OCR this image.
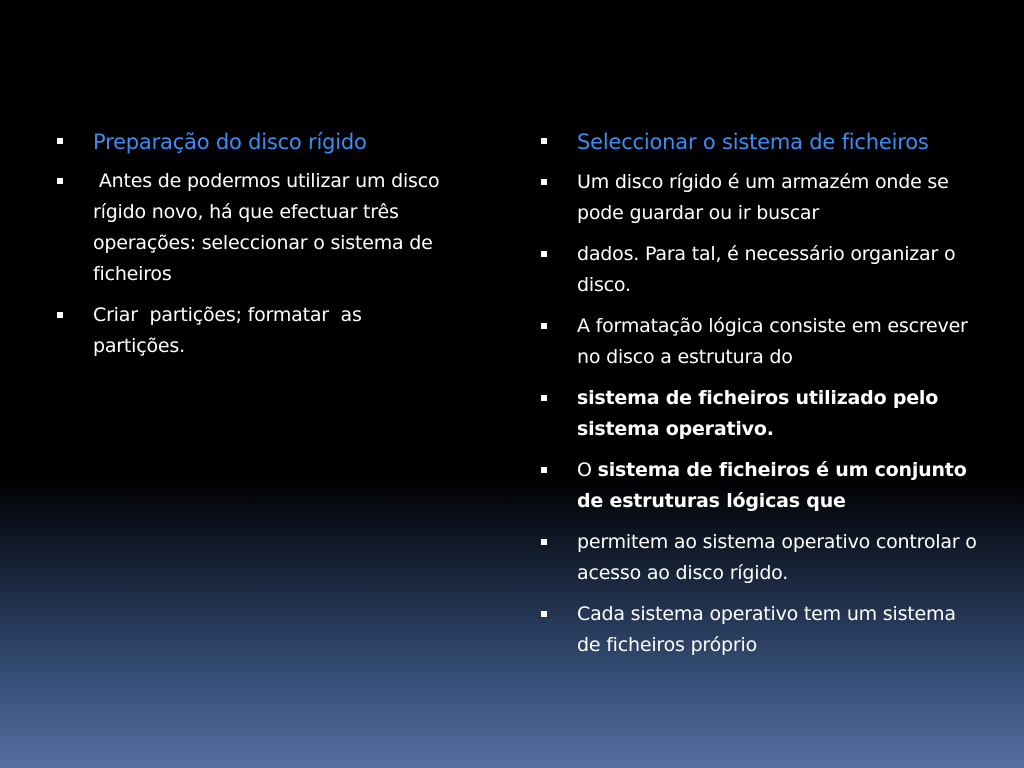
Preparação do disco rígido
Antes de podermos utilizar um disco rígido novo, há que efectuar três  operações: seleccionar o sistema de  ficheiros
Criar  partições; formatar  as partições.
Seleccionar o sistema de ficheiros
Um disco rígido é um armazém onde se pode guardar ou ir buscar
dados. Para tal, é necessário organizar o disco.
A formatação lógica consiste em escrever no disco a estrutura do
sistema de ficheiros utilizado pelo sistema operativo.
O sistema de ficheiros é um conjunto de estruturas lógicas que
permitem ao sistema operativo controlar o acesso ao disco rígido.
Cada sistema operativo tem um sistema de ficheiros próprio
